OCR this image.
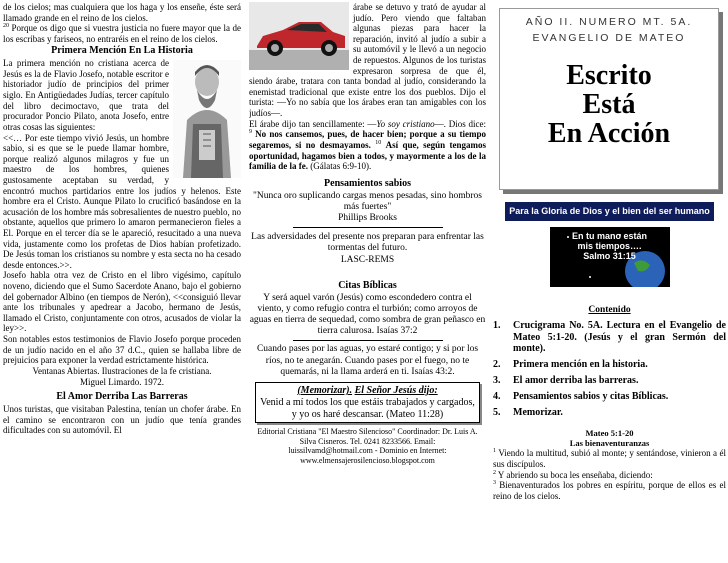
de los cielos; mas cualquiera que los haga y los enseñe, éste será llamado grande en el reino de los cielos.

$^{20}$ Porque os digo que si vuestra justicia no fuere mayor que la de los escribas y fariseos, no entraréis en el reino de los cielos.

Primera Mención En La Historia

La primera mención no cristiana acerca de Jesús es la de Flavio Josefo, notable escritor e historiador judío de principios del primer siglo. En Antigüedades Judías, tercer capítulo del libro decimoctavo, que trata del procurador Poncio Pilato, anota Josefo, entre otras cosas las siguientes:

<<… Por este tiempo vivió Jesús, un hombre sabio, si es que se le puede llamar hombre, porque realizó algunos milagros y fue un maestro de los hombres, quienes gustosamente aceptaban su verdad, y encontró muchos partidarios entre los judíos y helenos. Este hombre era el Cristo. Aunque Pilato lo crucificó basándose en la acusación de los hombre más sobresalientes de nuestro pueblo, no obstante, aquellos que primero lo amaron permanecieron fieles a El. Porque en el tercer día se le apareció, resucitado a una nueva vida, justamente como los profetas de Dios habían profetizado. De Jesús toman los cristianos su nombre y esta secta no ha cesado desde entonces.>>.

Josefo habla otra vez de Cristo en el libro vigésimo, capítulo noveno, diciendo que el Sumo Sacerdote Anano, bajo el gobierno del gobernador Albino (en tiempos de Nerón), <<consiguió llevar ante los tribunales y apedrear a Jacobo, hermano de Jesús, llamado el Cristo, conjuntamente con otros, acusados de violar la ley>>.

Son notables estos testimonios de Flavio Josefo porque proceden de un judío nacido en el año 37 d.C., quien se hallaba libre de prejuicios para exponer la verdad estrictamente histórica.

Ventanas Abiertas. Ilustraciones de la fe cristiana.
Miguel Limardo. 1972.
El Amor Derriba Las Barreras

Unos turistas, que visitaban Palestina, tenían un chofer árabe. En el camino se encontraron con un judío que tenía grandes dificultades con su automóvil. El

árabe se detuvo y trató de ayudar al judío. Pero viendo que faltaban algunas piezas para hacer la reparación, invitó al judío a subir a su automóvil y le llevó a un negocio de repuestos. Algunos de los turistas expresaron sorpresa de que él, siendo árabe, tratara con tanta bondad al judío, considerando la enemistad tradicional que existe entre los dos pueblos. Dijo el turista: —Yo no sabía que los árabes eran tan amigables con los judíos—.

El árabe dijo tan sencillamente: —Yo soy cristiano—. Dios dice: $^9$ No nos cansemos, pues, de hacer bien; porque a su tiempo segaremos, si no desmayamos. $^{10}$ Así que, según tengamos oportunidad, hagamos bien a todos, y mayormente a los de la familia de la fe. (Gálatas 6:9-10).

Pensamientos sabios
"Nunca oro suplicando cargas menos pesadas, sino hombros más fuertes"
Phillips Brooks
Las adversidades del presente nos preparan para enfrentar las tormentas del futuro.
LASC-REMS
Citas Bíblicas
Y será aquel varón (Jesús) como escondedero contra el viento, y como refugio contra el turbión; como arroyos de aguas en tierra de sequedad, como sombra de gran peñasco en tierra calurosa. Isaías 37:2
Cuando pases por las aguas, yo estaré contigo; y si por los ríos, no te anegarán. Cuando pases por el fuego, no te quemarás, ni la llama arderá en ti. Isaías 43:2.
(Memorizar). El Señor Jesús dijo:
Venid a mí todos los que estáis trabajados y cargados, y yo os haré descansar. (Mateo 11:28)
Editorial Cristiana "El Maestro Silencioso" Coordinador: Dr. Luis A. Silva Cisneros. Tel. 0241 8233566. Email:
luissilvamd@hotmail.com - Dominio en Internet:
www.elmensajerosilencioso.blogspot.com
AÑO II. NUMERO MT. 5A.
EVANGELIO DE MATEO
Escrito
Está
En Acción
Para la Gloria de Dios y el bien del ser humano
En tu mano están
mis tiempos….
Salmo 31:15
Contenido
1.	Crucigrama No. 5A. Lectura en el Evangelio de Mateo 5:1-20. (Jesús y el gran Sermón del monte).
2.	Primera mención en la historia.
3.	El amor derriba las barreras.
4.	Pensamientos sabios y citas Bíblicas.
5.	Memorizar.
Mateo 5:1-20
Las bienaventuranzas

$^1$ Viendo la multitud, subió al monte; y sentándose, vinieron a él sus discípulos.

$^2$ Y abriendo su boca les enseñaba, diciendo:

$^3$ Bienaventurados los pobres en espíritu, porque de ellos es el reino de los cielos.
